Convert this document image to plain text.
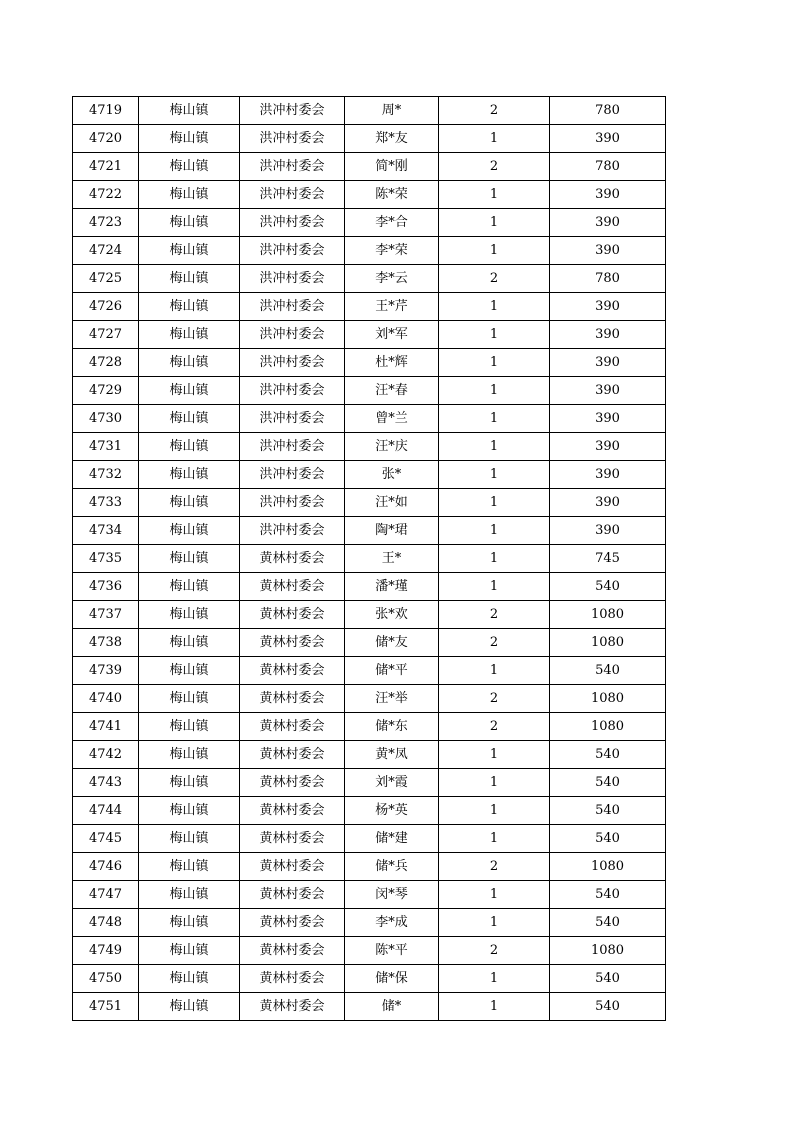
4719	梅山镇	洪冲村委会	周*	2	780
4720	梅山镇	洪冲村委会	郑*友	1	390
4721	梅山镇	洪冲村委会	简*刚	2	780
4722	梅山镇	洪冲村委会	陈*荣	1	390
4723	梅山镇	洪冲村委会	李*合	1	390
4724	梅山镇	洪冲村委会	李*荣	1	390
4725	梅山镇	洪冲村委会	李*云	2	780
4726	梅山镇	洪冲村委会	王*芹	1	390
4727	梅山镇	洪冲村委会	刘*军	1	390
4728	梅山镇	洪冲村委会	杜*辉	1	390
4729	梅山镇	洪冲村委会	汪*春	1	390
4730	梅山镇	洪冲村委会	曾*兰	1	390
4731	梅山镇	洪冲村委会	汪*庆	1	390
4732	梅山镇	洪冲村委会	张*	1	390
4733	梅山镇	洪冲村委会	汪*如	1	390
4734	梅山镇	洪冲村委会	陶*珺	1	390
4735	梅山镇	黄林村委会	王*	1	745
4736	梅山镇	黄林村委会	潘*瑾	1	540
4737	梅山镇	黄林村委会	张*欢	2	1080
4738	梅山镇	黄林村委会	储*友	2	1080
4739	梅山镇	黄林村委会	储*平	1	540
4740	梅山镇	黄林村委会	汪*举	2	1080
4741	梅山镇	黄林村委会	储*东	2	1080
4742	梅山镇	黄林村委会	黄*凤	1	540
4743	梅山镇	黄林村委会	刘*霞	1	540
4744	梅山镇	黄林村委会	杨*英	1	540
4745	梅山镇	黄林村委会	储*建	1	540
4746	梅山镇	黄林村委会	储*兵	2	1080
4747	梅山镇	黄林村委会	闵*琴	1	540
4748	梅山镇	黄林村委会	李*成	1	540
4749	梅山镇	黄林村委会	陈*平	2	1080
4750	梅山镇	黄林村委会	储*保	1	540
4751	梅山镇	黄林村委会	储*	1	540
